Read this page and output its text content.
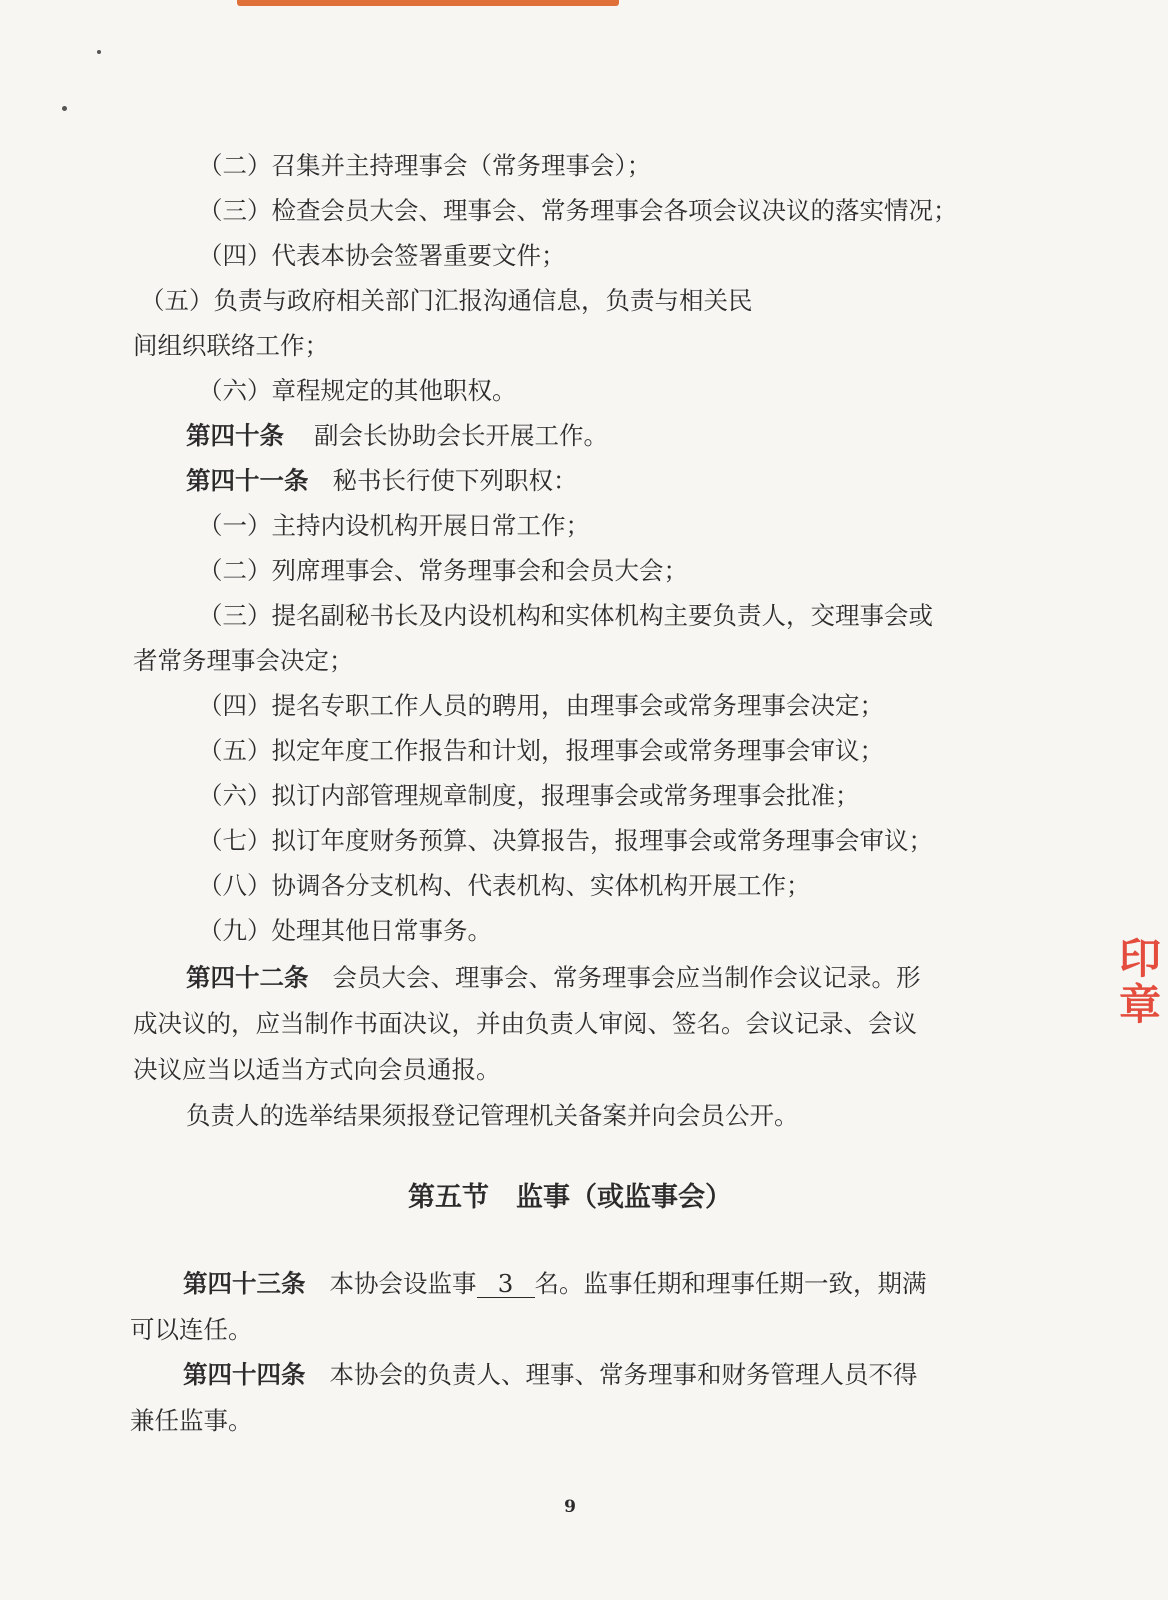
印章
（二）召集并主持理事会（常务理事会）；
（三）检查会员大会、理事会、常务理事会各项会议决议的落实情况；
（四）代表本协会签署重要文件；
（五）负责与政府相关部门汇报沟通信息，负责与相关民
间组织联络工作；
（六）章程规定的其他职权。
第四十条 副会长协助会长开展工作。
第四十一条 秘书长行使下列职权：
（一）主持内设机构开展日常工作；
（二）列席理事会、常务理事会和会员大会；
（三）提名副秘书长及内设机构和实体机构主要负责人，交理事会或
者常务理事会决定；
（四）提名专职工作人员的聘用，由理事会或常务理事会决定；
（五）拟定年度工作报告和计划，报理事会或常务理事会审议；
（六）拟订内部管理规章制度，报理事会或常务理事会批准；
（七）拟订年度财务预算、决算报告，报理事会或常务理事会审议；
（八）协调各分支机构、代表机构、实体机构开展工作；
（九）处理其他日常事务。
第四十二条 会员大会、理事会、常务理事会应当制作会议记录。形
成决议的，应当制作书面决议，并由负责人审阅、签名。会议记录、会议
决议应当以适当方式向会员通报。
负责人的选举结果须报登记管理机关备案并向会员公开。
第五节　监事（或监事会）
第四十三条 本协会设监事 3 名。监事任期和理事任期一致，期满
可以连任。
第四十四条 本协会的负责人、理事、常务理事和财务管理人员不得
兼任监事。
9
